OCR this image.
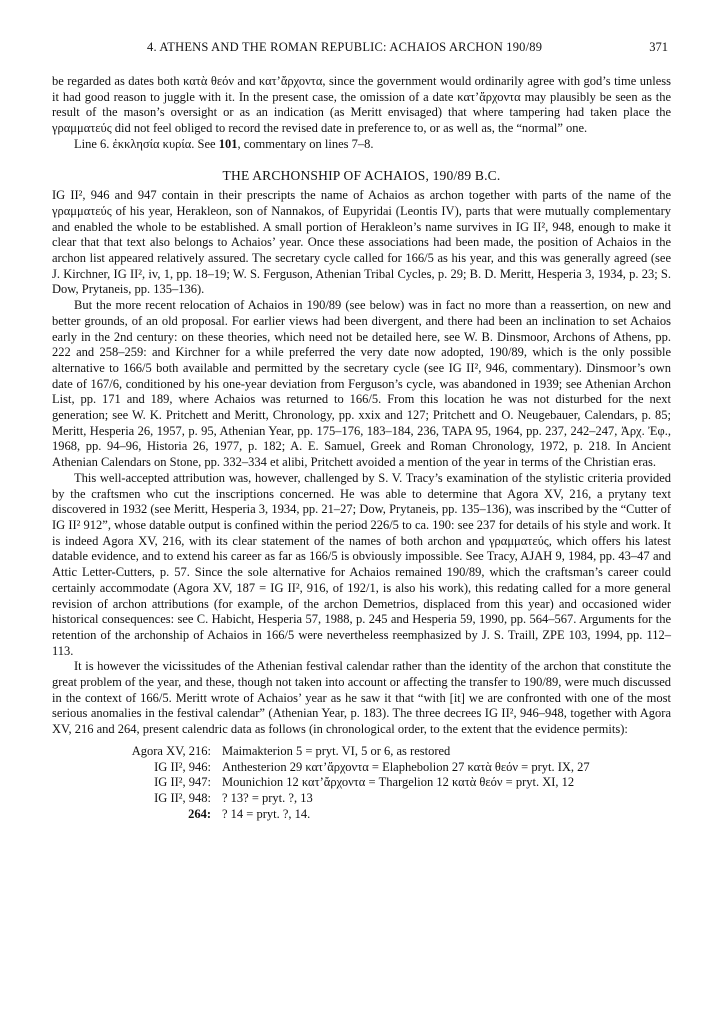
4. ATHENS AND THE ROMAN REPUBLIC: ACHAIOS ARCHON 190/89	371

be regarded as dates both κατὰ θεόν and κατ’ἄρχοντα, since the government would ordinarily agree with god’s time unless it had good reason to juggle with it. In the present case, the omission of a date κατ’ἄρχοντα may plausibly be seen as the result of the mason’s oversight or as an indication (as Meritt envisaged) that where tampering had taken place the γραμματεύς did not feel obliged to record the revised date in preference to, or as well as, the “normal” one.

Line 6. ἐκκλησία κυρία. See 101, commentary on lines 7–8.

THE ARCHONSHIP OF ACHAIOS, 190/89 B.C.

IG II², 946 and 947 contain in their prescripts the name of Achaios as archon together with parts of the name of the γραμματεύς of his year, Herakleon, son of Nannakos, of Eupyridai (Leontis IV), parts that were mutually complementary and enabled the whole to be established. A small portion of Herakleon’s name survives in IG II², 948, enough to make it clear that that text also belongs to Achaios’ year. Once these associations had been made, the position of Achaios in the archon list appeared relatively assured. The secretary cycle called for 166/5 as his year, and this was generally agreed (see J. Kirchner, IG II², iv, 1, pp. 18–19; W. S. Ferguson, Athenian Tribal Cycles, p. 29; B. D. Meritt, Hesperia 3, 1934, p. 23; S. Dow, Prytaneis, pp. 135–136).

But the more recent relocation of Achaios in 190/89 (see below) was in fact no more than a reassertion, on new and better grounds, of an old proposal. For earlier views had been divergent, and there had been an inclination to set Achaios early in the 2nd century: on these theories, which need not be detailed here, see W. B. Dinsmoor, Archons of Athens, pp. 222 and 258–259: and Kirchner for a while preferred the very date now adopted, 190/89, which is the only possible alternative to 166/5 both available and permitted by the secretary cycle (see IG II², 946, commentary). Dinsmoor’s own date of 167/6, conditioned by his one-year deviation from Ferguson’s cycle, was abandoned in 1939; see Athenian Archon List, pp. 171 and 189, where Achaios was returned to 166/5. From this location he was not disturbed for the next generation; see W. K. Pritchett and Meritt, Chronology, pp. xxix and 127; Pritchett and O. Neugebauer, Calendars, p. 85; Meritt, Hesperia 26, 1957, p. 95, Athenian Year, pp. 175–176, 183–184, 236, TAPA 95, 1964, pp. 237, 242–247, Ἀρχ. Ἐφ., 1968, pp. 94–96, Historia 26, 1977, p. 182; A. E. Samuel, Greek and Roman Chronology, 1972, p. 218. In Ancient Athenian Calendars on Stone, pp. 332–334 et alibi, Pritchett avoided a mention of the year in terms of the Christian eras.

This well-accepted attribution was, however, challenged by S. V. Tracy’s examination of the stylistic criteria provided by the craftsmen who cut the inscriptions concerned. He was able to determine that Agora XV, 216, a prytany text discovered in 1932 (see Meritt, Hesperia 3, 1934, pp. 21–27; Dow, Prytaneis, pp. 135–136), was inscribed by the “Cutter of IG II² 912”, whose datable output is confined within the period 226/5 to ca. 190: see 237 for details of his style and work. It is indeed Agora XV, 216, with its clear statement of the names of both archon and γραμματεύς, which offers his latest datable evidence, and to extend his career as far as 166/5 is obviously impossible. See Tracy, AJAH 9, 1984, pp. 43–47 and Attic Letter-Cutters, p. 57. Since the sole alternative for Achaios remained 190/89, which the craftsman’s career could certainly accommodate (Agora XV, 187 = IG II², 916, of 192/1, is also his work), this redating called for a more general revision of archon attributions (for example, of the archon Demetrios, displaced from this year) and occasioned wider historical consequences: see C. Habicht, Hesperia 57, 1988, p. 245 and Hesperia 59, 1990, pp. 564–567. Arguments for the retention of the archonship of Achaios in 166/5 were nevertheless reemphasized by J. S. Traill, ZPE 103, 1994, pp. 112–113.

It is however the vicissitudes of the Athenian festival calendar rather than the identity of the archon that constitute the great problem of the year, and these, though not taken into account or affecting the transfer to 190/89, were much discussed in the context of 166/5. Meritt wrote of Achaios’ year as he saw it that “with [it] we are confronted with one of the most serious anomalies in the festival calendar” (Athenian Year, p. 183). The three decrees IG II², 946–948, together with Agora XV, 216 and 264, present calendric data as follows (in chronological order, to the extent that the evidence permits):

Agora XV, 216: Maimakterion 5 = pryt. VI, 5 or 6, as restored
IG II², 946: Anthesterion 29 κατ’ἄρχοντα = Elaphebolion 27 κατὰ θεόν = pryt. IX, 27
IG II², 947: Mounichion 12 κατ’ἄρχοντα = Thargelion 12 κατὰ θεόν = pryt. XI, 12
IG II², 948: ? 13? = pryt. ?, 13
264: ? 14 = pryt. ?, 14.
